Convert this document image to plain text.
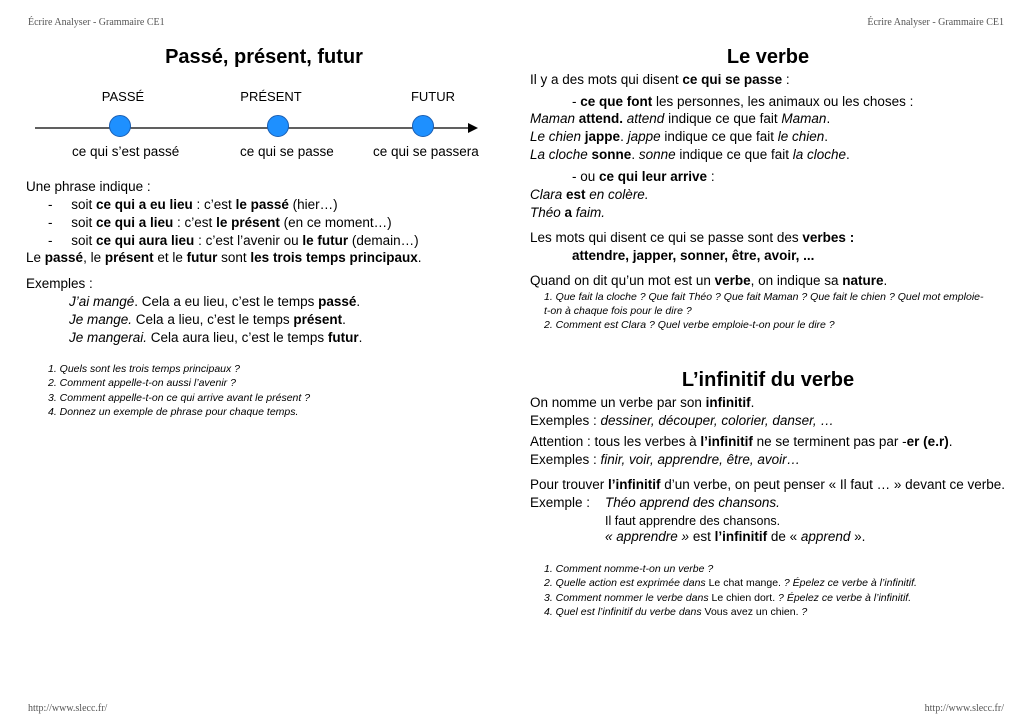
Écrire Analyser - Grammaire CE1	Écrire Analyser - Grammaire CE1
http://www.slecc.fr/	http://www.slecc.fr/
Passé, présent, futur
PASSÉ	PRÉSENT	FUTUR
ce qui s’est passé	ce qui se passe	ce qui se passera
Une phrase indique :
-     soit ce qui a eu lieu : c’est le passé (hier…)
-     soit ce qui a lieu : c’est le présent (en ce moment…)
-     soit ce qui aura lieu : c’est l’avenir ou le futur (demain…)
Le passé, le présent et le futur sont les trois temps principaux.
Exemples :
J’ai mangé. Cela a eu lieu, c’est le temps passé.
Je mange. Cela a lieu, c’est le temps présent.
Je mangerai. Cela aura lieu, c’est le temps futur.
1. Quels sont les trois temps principaux ?
2. Comment appelle-t-on aussi l’avenir ?
3. Comment appelle-t-on ce qui arrive avant le présent ?
4. Donnez un exemple de phrase pour chaque temps.
Le verbe
Il y a des mots qui disent ce qui se passe :
- ce que font les personnes, les animaux ou les choses :
Maman attend. attend indique ce que fait Maman.
Le chien jappe. jappe indique ce que fait le chien.
La cloche sonne. sonne indique ce que fait la cloche.
- ou ce qui leur arrive :
Clara est en colère.
Théo a faim.
Les mots qui disent ce qui se passe sont des verbes :
attendre, japper, sonner, être, avoir, ...
Quand on dit qu’un mot est un verbe, on indique sa nature.
1. Que fait la cloche ? Que fait Théo ? Que fait Maman ? Que fait le chien ? Quel mot emploie-
t-on à chaque fois pour le dire ?
2. Comment est Clara ? Quel verbe emploie-t-on pour le dire ?
L’infinitif du verbe
On nomme un verbe par son infinitif.
Exemples : dessiner, découper, colorier, danser, …
Attention : tous les verbes à l’infinitif ne se terminent pas par -er (e.r).
Exemples : finir, voir, apprendre, être, avoir…
Pour trouver l’infinitif d’un verbe, on peut penser « Il faut … » devant ce verbe.
Exemple : Théo apprend des chansons.
Il faut apprendre des chansons.
« apprendre » est l’infinitif de « apprend ».
1. Comment nomme-t-on un verbe ?
2. Quelle action est exprimée dans Le chat mange. ? Épelez ce verbe à l’infinitif.
3. Comment nommer le verbe dans Le chien dort. ? Épelez ce verbe à l’infinitif.
4. Quel est l’infinitif du verbe dans Vous avez un chien. ?
